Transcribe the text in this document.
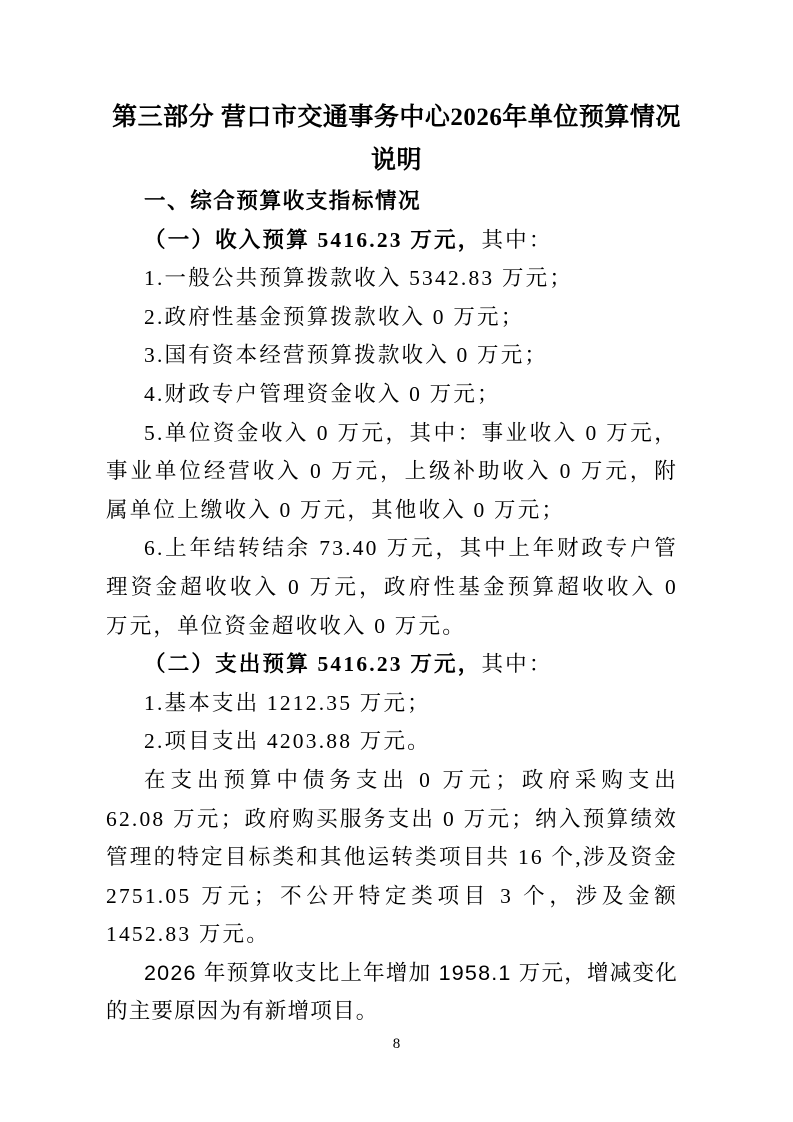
第三部分 营口市交通事务中心2026年单位预算情况
说明

一、综合预算收支指标情况

（一）收入预算 5416.23 万元，其中：

1.一般公共预算拨款收入 5342.83 万元；

2.政府性基金预算拨款收入 0 万元；

3.国有资本经营预算拨款收入 0 万元；

4.财政专户管理资金收入 0 万元；

5.单位资金收入 0 万元，其中：事业收入 0 万元，事业单位经营收入 0 万元，上级补助收入 0 万元，附属单位上缴收入 0 万元，其他收入 0 万元；

6.上年结转结余 73.40 万元，其中上年财政专户管理资金超收收入 0 万元，政府性基金预算超收收入 0 万元，单位资金超收收入 0 万元。

（二）支出预算 5416.23 万元，其中：

1.基本支出 1212.35 万元；

2.项目支出 4203.88 万元。

在支出预算中债务支出 0 万元；政府采购支出 62.08 万元；政府购买服务支出 0 万元；纳入预算绩效管理的特定目标类和其他运转类项目共 16 个,涉及资金 2751.05 万元；不公开特定类项目 3 个，涉及金额 1452.83 万元。

2026 年预算收支比上年增加 1958.1 万元，增减变化的主要原因为有新增项目。

8
